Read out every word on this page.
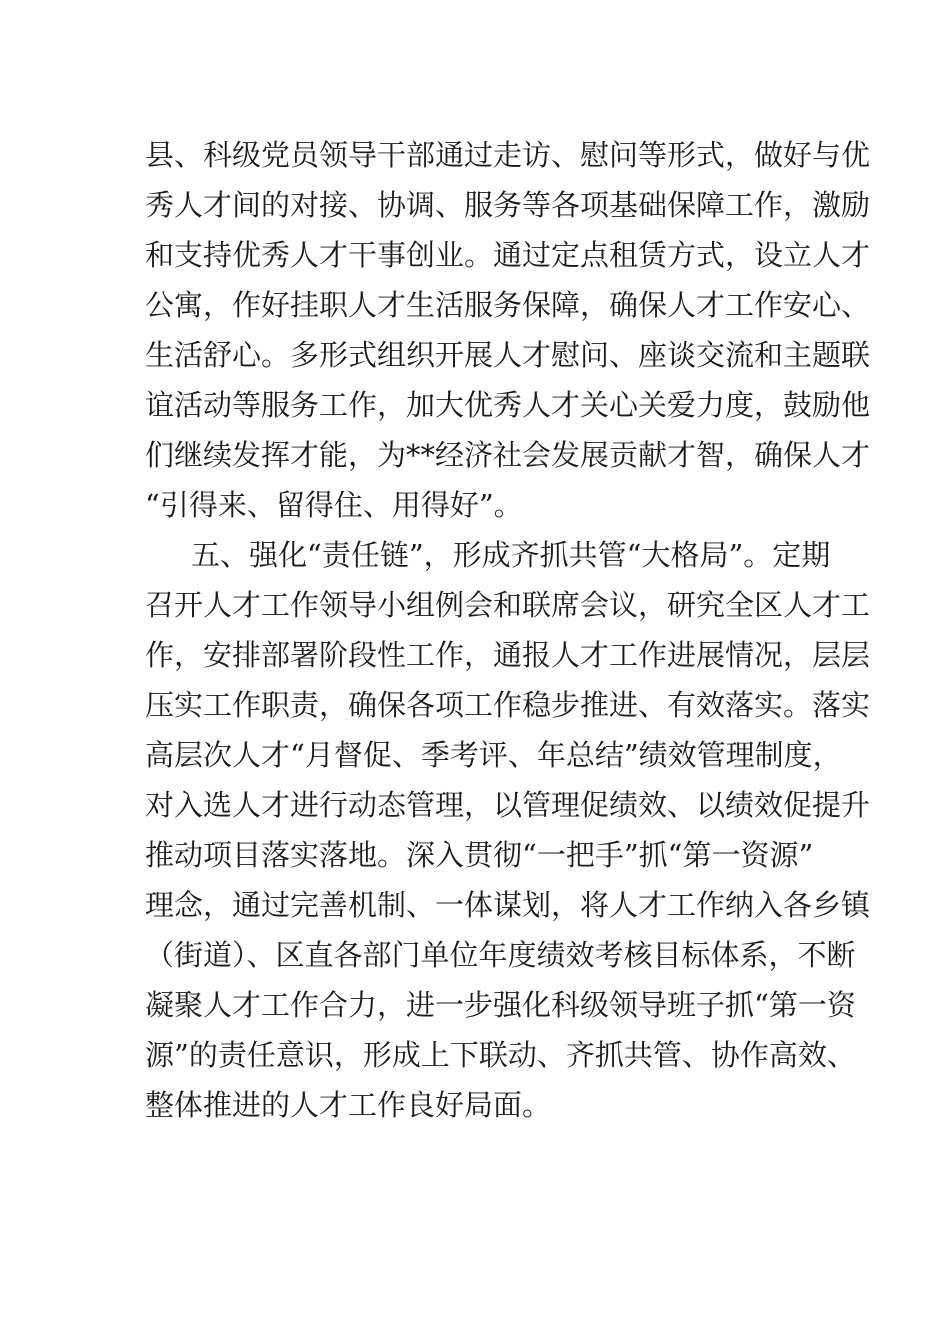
县、科级党员领导干部通过走访、慰问等形式，做好与优
秀人才间的对接、协调、服务等各项基础保障工作，激励
和支持优秀人才干事创业。通过定点租赁方式，设立人才
公寓，作好挂职人才生活服务保障，确保人才工作安心、
生活舒心。多形式组织开展人才慰问、座谈交流和主题联
谊活动等服务工作，加大优秀人才关心关爱力度，鼓励他
们继续发挥才能，为**经济社会发展贡献才智，确保人才
“引得来、留得住、用得好”。
五、强化“责任链”，形成齐抓共管“大格局”。定期
召开人才工作领导小组例会和联席会议，研究全区人才工
作，安排部署阶段性工作，通报人才工作进展情况，层层
压实工作职责，确保各项工作稳步推进、有效落实。落实
高层次人才“月督促、季考评、年总结”绩效管理制度，
对入选人才进行动态管理，以管理促绩效、以绩效促提升
推动项目落实落地。深入贯彻“一把手”抓“第一资源”
理念，通过完善机制、一体谋划，将人才工作纳入各乡镇
（街道）、区直各部门单位年度绩效考核目标体系，不断
凝聚人才工作合力，进一步强化科级领导班子抓“第一资
源”的责任意识，形成上下联动、齐抓共管、协作高效、
整体推进的人才工作良好局面。
